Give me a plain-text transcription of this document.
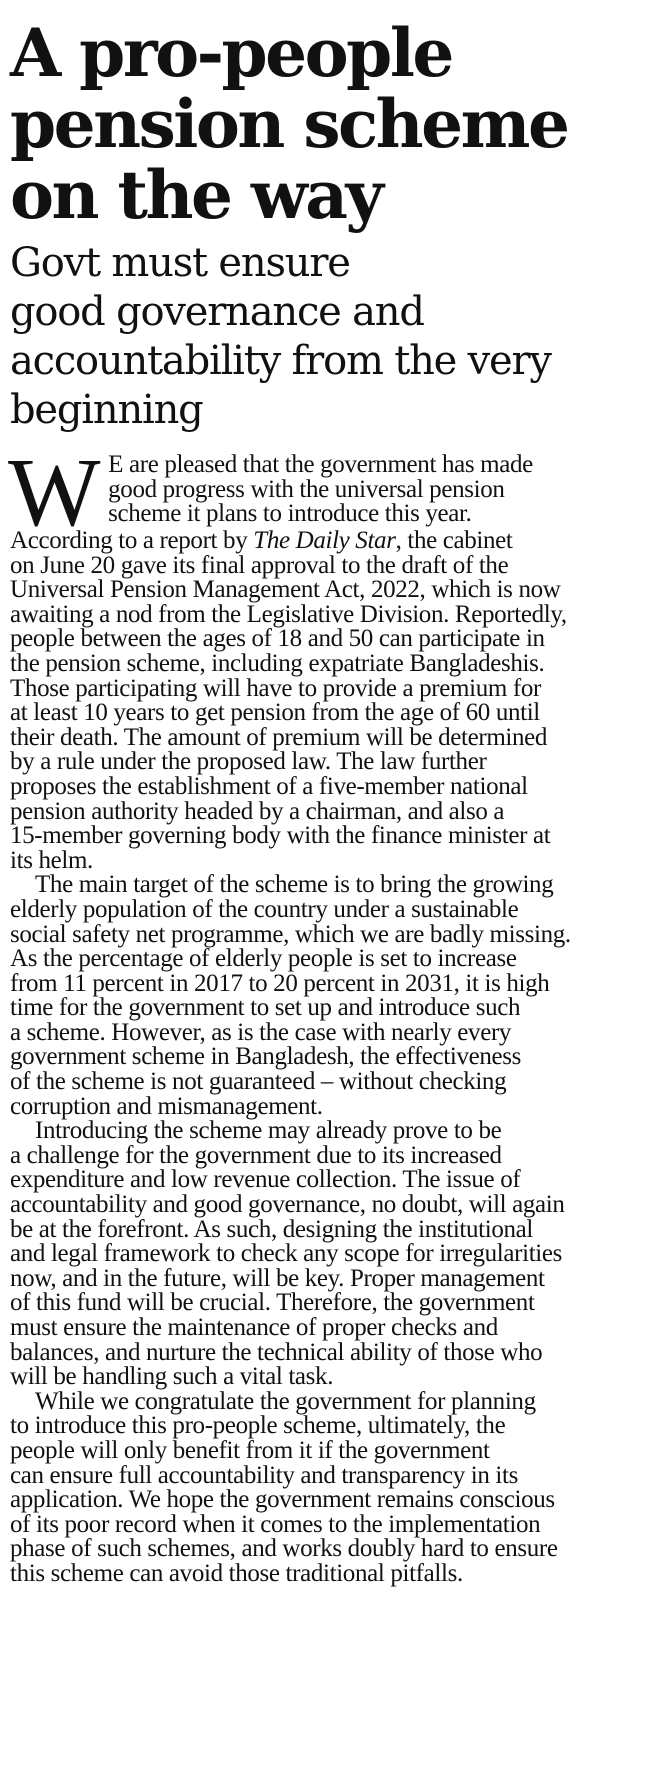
A pro-people
pension scheme
on the way
Govt must ensure
good governance and
accountability from the very
beginning
W E are pleased that the government has made
good progress with the universal pension
scheme it plans to introduce this year.
According to a report by The Daily Star, the cabinet
on June 20 gave its final approval to the draft of the
Universal Pension Management Act, 2022, which is now
awaiting a nod from the Legislative Division. Reportedly,
people between the ages of 18 and 50 can participate in
the pension scheme, including expatriate Bangladeshis.
Those participating will have to provide a premium for
at least 10 years to get pension from the age of 60 until
their death. The amount of premium will be determined
by a rule under the proposed law. The law further
proposes the establishment of a five-member national
pension authority headed by a chairman, and also a
15-member governing body with the finance minister at
its helm.
The main target of the scheme is to bring the growing
elderly population of the country under a sustainable
social safety net programme, which we are badly missing.
As the percentage of elderly people is set to increase
from 11 percent in 2017 to 20 percent in 2031, it is high
time for the government to set up and introduce such
a scheme. However, as is the case with nearly every
government scheme in Bangladesh, the effectiveness
of the scheme is not guaranteed – without checking
corruption and mismanagement.
Introducing the scheme may already prove to be
a challenge for the government due to its increased
expenditure and low revenue collection. The issue of
accountability and good governance, no doubt, will again
be at the forefront. As such, designing the institutional
and legal framework to check any scope for irregularities
now, and in the future, will be key. Proper management
of this fund will be crucial. Therefore, the government
must ensure the maintenance of proper checks and
balances, and nurture the technical ability of those who
will be handling such a vital task.
While we congratulate the government for planning
to introduce this pro-people scheme, ultimately, the
people will only benefit from it if the government
can ensure full accountability and transparency in its
application. We hope the government remains conscious
of its poor record when it comes to the implementation
phase of such schemes, and works doubly hard to ensure
this scheme can avoid those traditional pitfalls.
